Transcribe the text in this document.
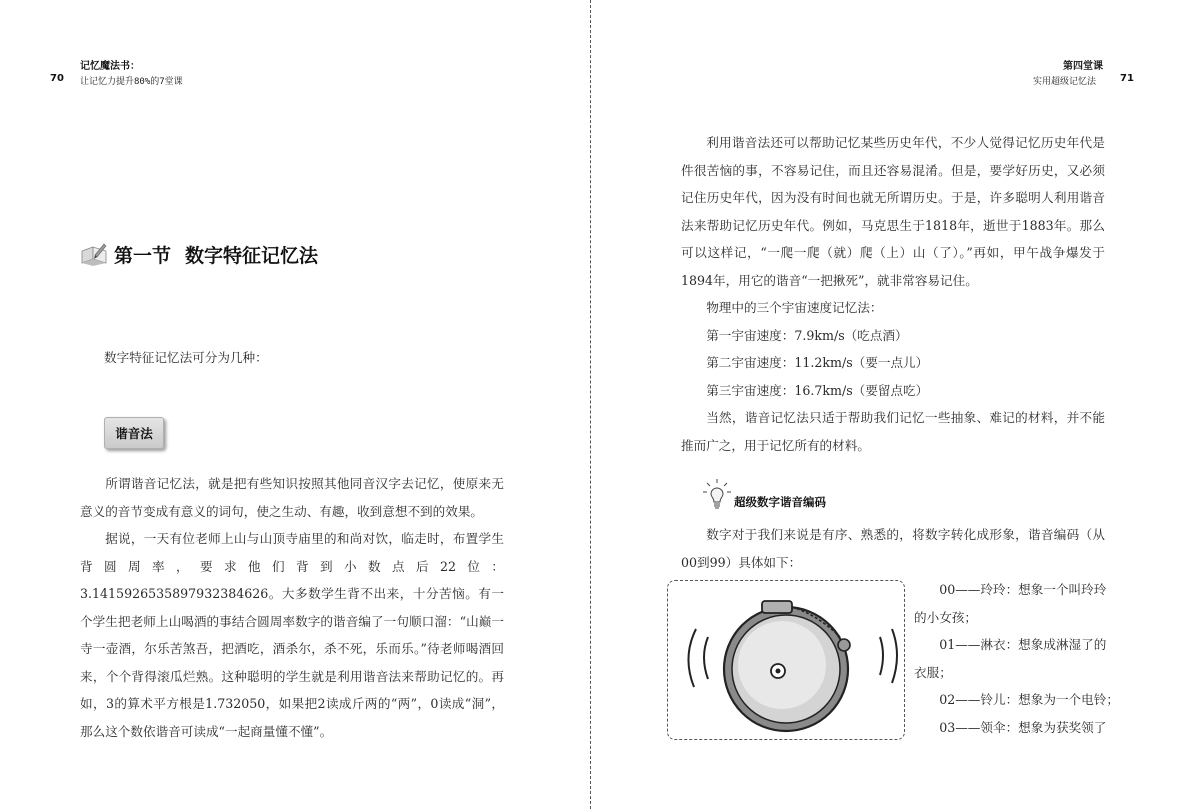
70
记忆魔法书：
让记忆力提升80%的7堂课
第一节 数字特征记忆法
数字特征记忆法可分为几种：
谐音法

所谓谐音记忆法，就是把有些知识按照其他同音汉字去记忆，使原来无意义的音节变成有意义的词句，使之生动、有趣，收到意想不到的效果。

据说，一天有位老师上山与山顶寺庙里的和尚对饮，临走时，布置学生背圆周率，要求他们背到小数点后22位：3.1415926535897932384626。大多数学生背不出来，十分苦恼。有一个学生把老师上山喝酒的事结合圆周率数字的谐音编了一句顺口溜：“山巅一寺一壶酒，尔乐苦煞吾，把酒吃，酒杀尔，杀不死，乐而乐。”待老师喝酒回来，个个背得滚瓜烂熟。这种聪明的学生就是利用谐音法来帮助记忆的。再如，3的算术平方根是1.732050，如果把2读成斤两的“两”，0读成“洞”，那么这个数依谐音可读成“一起商量懂不懂”。

第四堂课
实用超级记忆法 71

利用谐音法还可以帮助记忆某些历史年代，不少人觉得记忆历史年代是件很苦恼的事，不容易记住，而且还容易混淆。但是，要学好历史，又必须记住历史年代，因为没有时间也就无所谓历史。于是，许多聪明人利用谐音法来帮助记忆历史年代。例如，马克思生于1818年，逝世于1883年。那么可以这样记，“一爬一爬（就）爬（上）山（了）。”再如，甲午战争爆发于1894年，用它的谐音“一把揪死”，就非常容易记住。

物理中的三个宇宙速度记忆法：
第一宇宙速度：7.9km/s（吃点酒）
第二宇宙速度：11.2km/s（要一点儿）
第三宇宙速度：16.7km/s（要留点吃）

当然，谐音记忆法只适于帮助我们记忆一些抽象、难记的材料，并不能推而广之，用于记忆所有的材料。

超级数字谐音编码

数字对于我们来说是有序、熟悉的，将数字转化成形象，谐音编码（从00到99）具体如下：

00——玲玲：想象一个叫玲玲
的小女孩；
01——淋衣：想象成淋湿了的
衣服；
02——铃儿：想象为一个电铃；
03——领伞：想象为获奖领了
